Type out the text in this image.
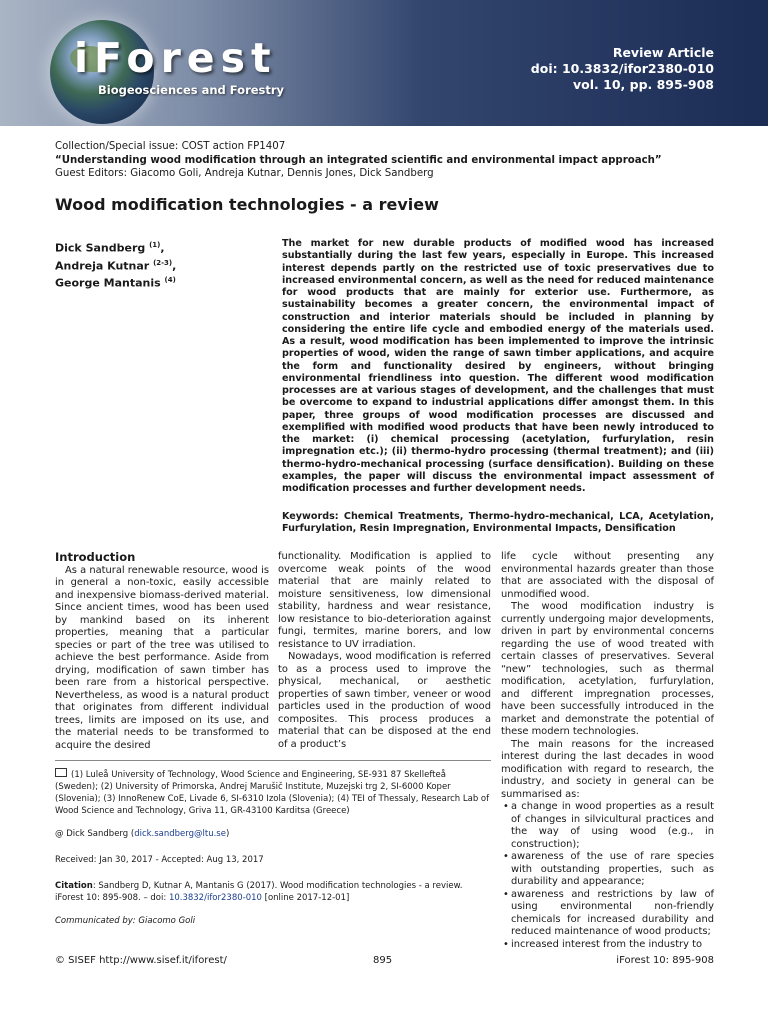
iForest
Biogeosciences and Forestry
Review Article
doi: 10.3832/ifor2380-010
vol. 10, pp. 895-908
Collection/Special issue: COST action FP1407
“Understanding wood modification through an integrated scientific and environmental impact approach”
Guest Editors: Giacomo Goli, Andreja Kutnar, Dennis Jones, Dick Sandberg
Wood modification technologies - a review
Dick Sandberg $^{(1)}$,
Andreja Kutnar $^{(2-3)}$,
George Mantanis $^{(4)}$
The market for new durable products of modified wood has increased substantially during the last few years, especially in Europe. This increased interest depends partly on the restricted use of toxic preservatives due to increased environmental concern, as well as the need for reduced maintenance for wood products that are mainly for exterior use. Furthermore, as sustainability becomes a greater concern, the environmental impact of construction and interior materials should be included in planning by considering the entire life cycle and embodied energy of the materials used. As a result, wood modification has been implemented to improve the intrinsic properties of wood, widen the range of sawn timber applications, and acquire the form and functionality desired by engineers, without bringing environmental friendliness into question. The different wood modification processes are at various stages of development, and the challenges that must be overcome to expand to industrial applications differ amongst them. In this paper, three groups of wood modification processes are discussed and exemplified with modified wood products that have been newly introduced to the market: (i) chemical processing (acetylation, furfurylation, resin impregnation etc.); (ii) thermo-hydro processing (thermal treatment); and (iii) thermo-hydro-mechanical processing (surface densification). Building on these examples, the paper will discuss the environmental impact assessment of modification processes and further development needs.
Keywords: Chemical Treatments, Thermo-hydro-mechanical, LCA, Acetylation, Furfurylation, Resin Impregnation, Environmental Impacts, Densification
Introduction

As a natural renewable resource, wood is in general a non-toxic, easily accessible and inexpensive biomass-derived material. Since ancient times, wood has been used by mankind based on its inherent properties, meaning that a particular species or part of the tree was utilised to achieve the best performance. Aside from drying, modification of sawn timber has been rare from a historical perspective. Nevertheless, as wood is a natural product that originates from different individual trees, limits are imposed on its use, and the material needs to be transformed to acquire the desired

functionality. Modification is applied to overcome weak points of the wood material that are mainly related to moisture sensitiveness, low dimensional stability, hardness and wear resistance, low resistance to bio-deterioration against fungi, termites, marine borers, and low resistance to UV irradiation.

Nowadays, wood modification is referred to as a process used to improve the physical, mechanical, or aesthetic properties of sawn timber, veneer or wood particles used in the production of wood composites. This process produces a material that can be disposed at the end of a product’s

life cycle without presenting any environmental hazards greater than those that are associated with the disposal of unmodified wood.

The wood modification industry is currently undergoing major developments, driven in part by environmental concerns regarding the use of wood treated with certain classes of preservatives. Several “new” technologies, such as thermal modification, acetylation, furfurylation, and different impregnation processes, have been successfully introduced in the market and demonstrate the potential of these modern technologies.

The main reasons for the increased interest during the last decades in wood modification with regard to research, the industry, and society in general can be summarised as:

• a change in wood properties as a result of changes in silvicultural practices and the way of using wood (e.g., in construction);
• awareness of the use of rare species with outstanding properties, such as durability and appearance;
• awareness and restrictions by law of using environmental non-friendly chemicals for increased durability and reduced maintenance of wood products;
• increased interest from the industry to
(1) Luleå University of Technology, Wood Science and Engineering, SE-931 87 Skellefteå (Sweden); (2) University of Primorska, Andrej Marušič Institute, Muzejski trg 2, SI-6000 Koper (Slovenia); (3) InnoRenew CoE, Livade 6, SI-6310 Izola (Slovenia); (4) TEI of Thessaly, Research Lab of Wood Science and Technology, Griva 11, GR-43100 Karditsa (Greece)
@ Dick Sandberg (dick.sandberg@ltu.se)
Received: Jan 30, 2017 - Accepted: Aug 13, 2017
Citation: Sandberg D, Kutnar A, Mantanis G (2017). Wood modification technologies - a review. iForest 10: 895-908. – doi: 10.3832/ifor2380-010 [online 2017-12-01]
Communicated by: Giacomo Goli
© SISEF http://www.sisef.it/iforest/	895	iForest 10: 895-908
